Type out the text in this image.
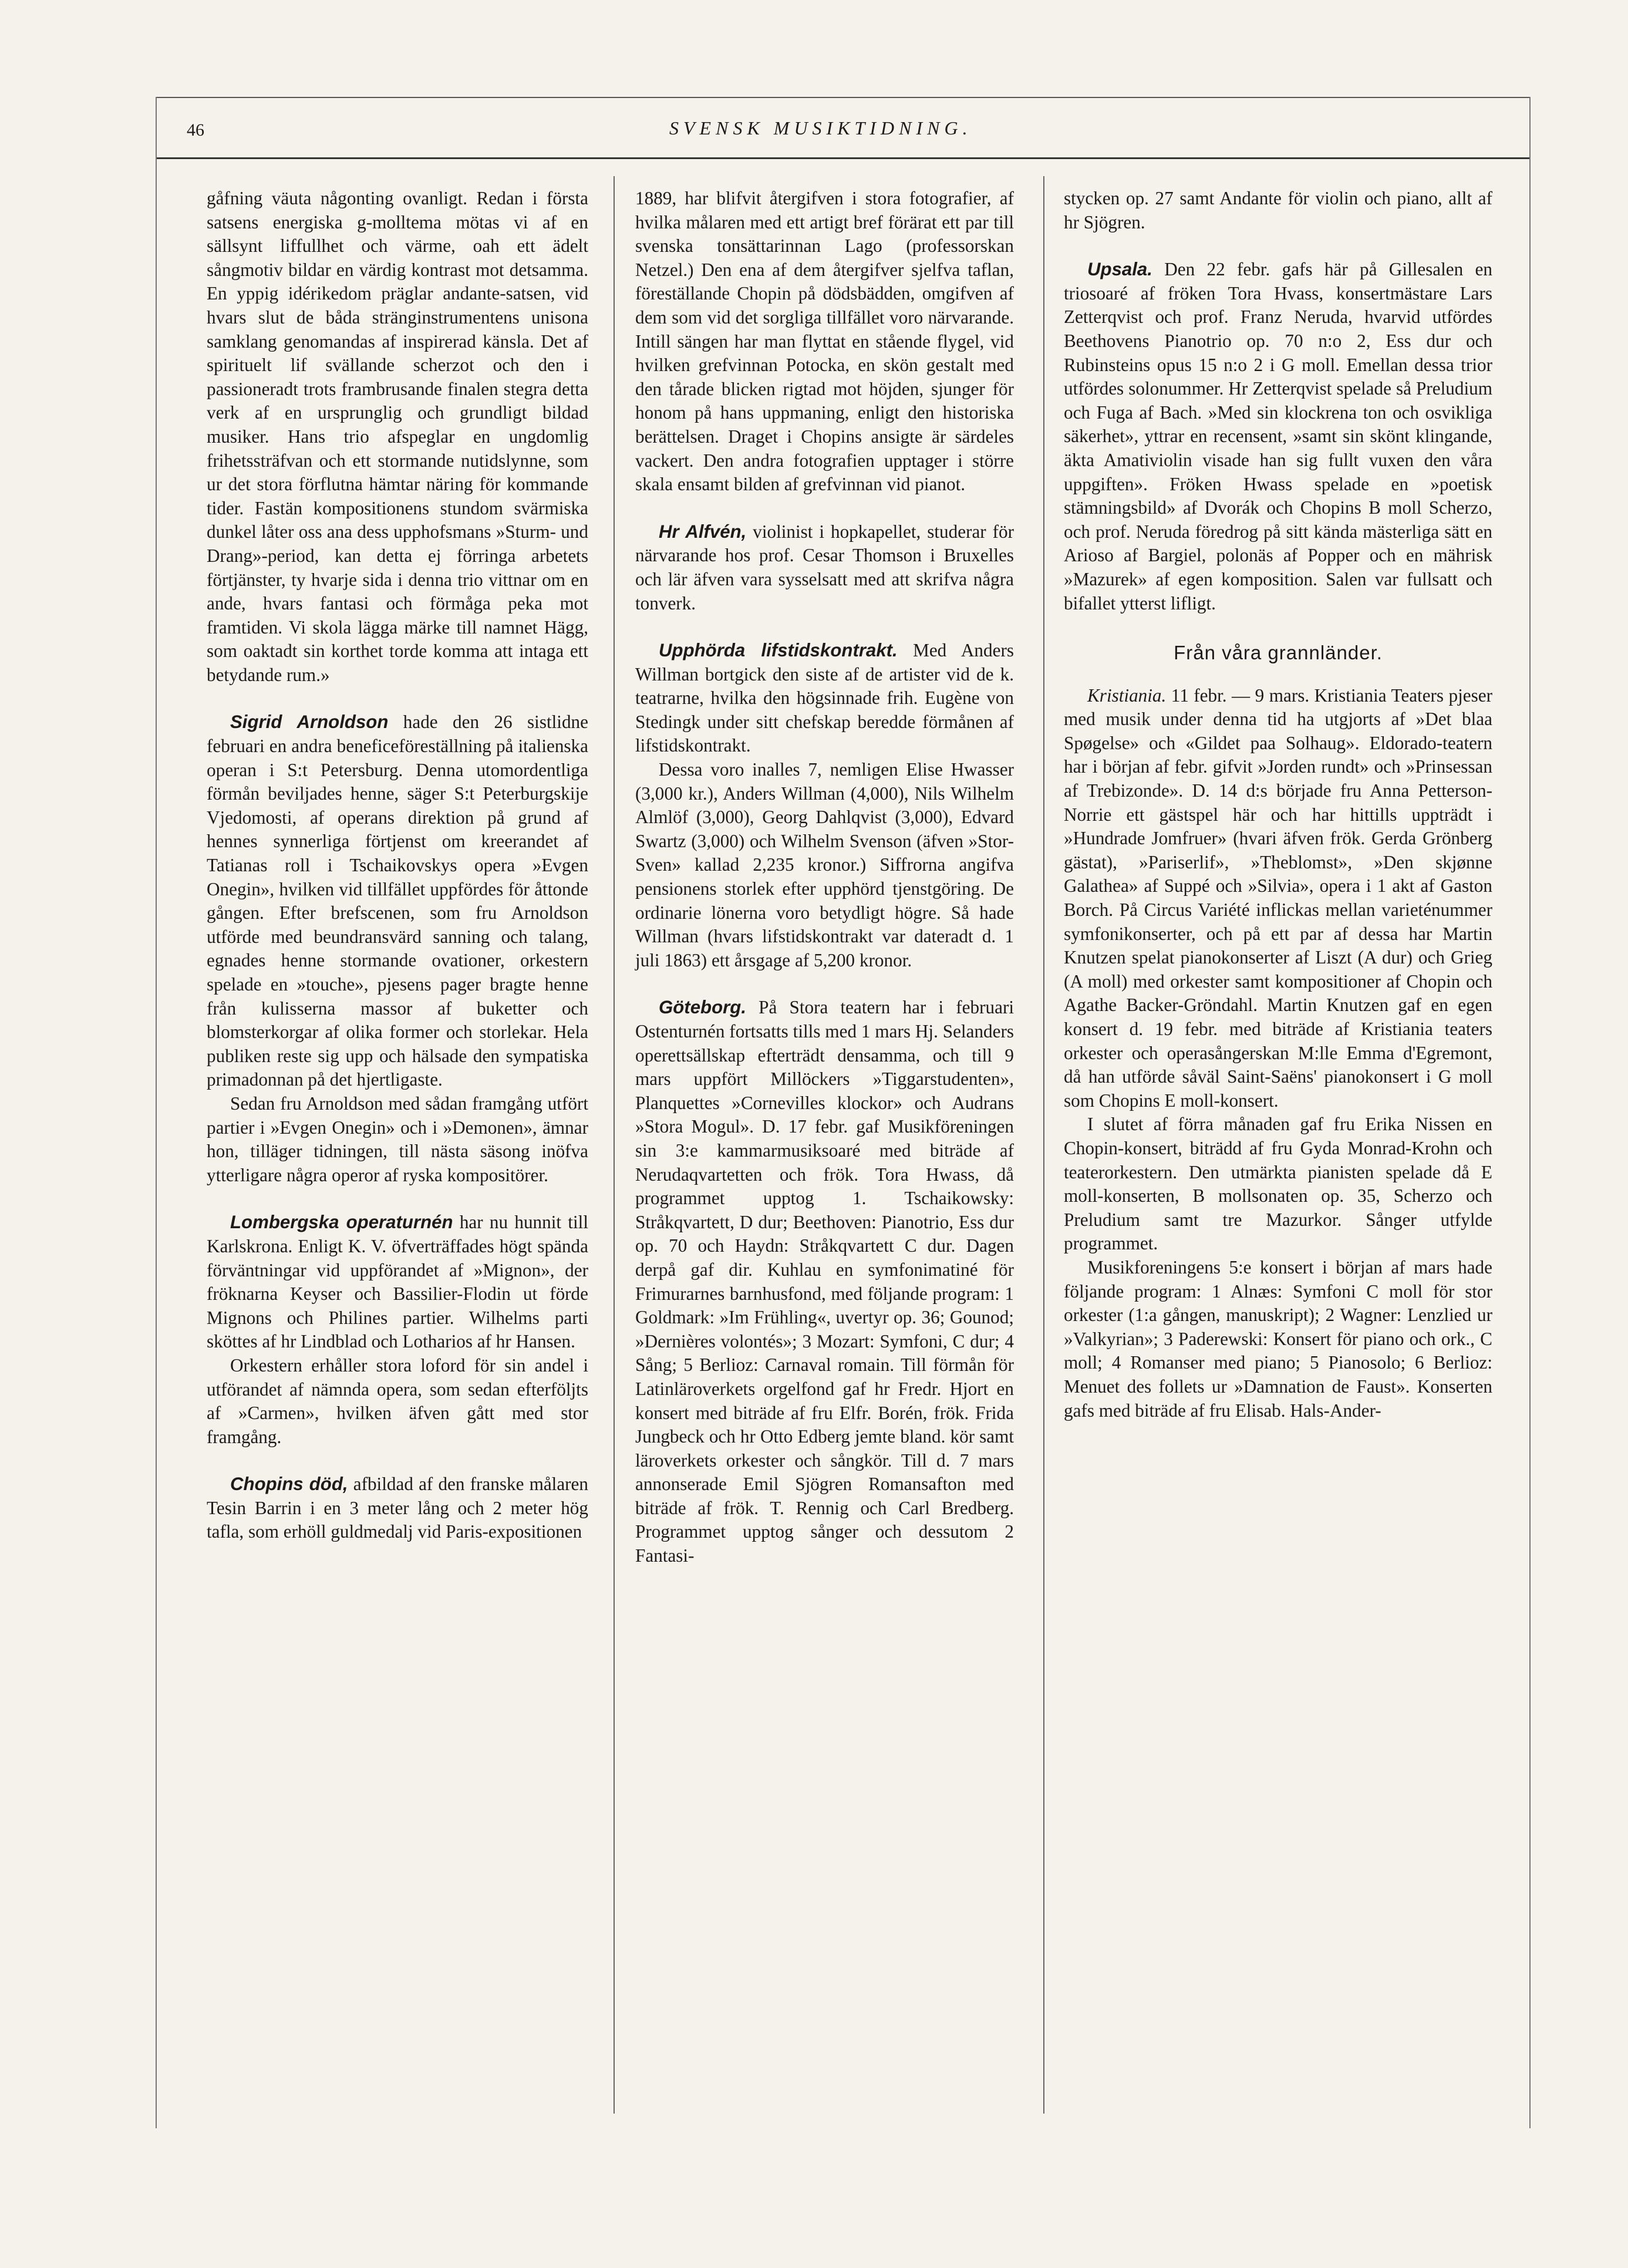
46	SVENSK MUSIKTIDNING.

gåfning väuta någonting ovanligt. Redan i första satsens energiska g-molltema mötas vi af en sällsynt liffullhet och värme, oah ett ädelt sångmotiv bildar en värdig kontrast mot detsamma. En yppig idérikedom präglar andante-satsen, vid hvars slut de båda stränginstrumentens unisona samklang genomandas af inspirerad känsla. Det af spirituelt lif svällande scherzot och den i passioneradt trots frambrusande finalen stegra detta verk af en ursprunglig och grundligt bildad musiker. Hans trio afspeglar en ungdomlig frihetssträfvan och ett stormande nutidslynne, som ur det stora förflutna hämtar näring för kommande tider. Fastän kompositionens stundom svärmiska dunkel låter oss ana dess upphofsmans »Sturm- und Drang»-period, kan detta ej förringa arbetets förtjänster, ty hvarje sida i denna trio vittnar om en ande, hvars fantasi och förmåga peka mot framtiden. Vi skola lägga märke till namnet Hägg, som oaktadt sin korthet torde komma att intaga ett betydande rum.»

Sigrid Arnoldson hade den 26 sistlidne februari en andra beneficeföreställning på italienska operan i S:t Petersburg. Denna utomordentliga förmån beviljades henne, säger S:t Peterburgskije Vjedomosti, af operans direktion på grund af hennes synnerliga förtjenst om kreerandet af Tatianas roll i Tschaikovskys opera »Evgen Onegin», hvilken vid tillfället uppfördes för åttonde gången. Efter brefscenen, som fru Arnoldson utförde med beundransvärd sanning och talang, egnades henne stormande ovationer, orkestern spelade en »touche», pjesens pager bragte henne från kulisserna massor af buketter och blomsterkorgar af olika former och storlekar. Hela publiken reste sig upp och hälsade den sympatiska primadonnan på det hjertligaste.

Sedan fru Arnoldson med sådan framgång utfört partier i »Evgen Onegin» och i »Demonen», ämnar hon, tilläger tidningen, till nästa säsong inöfva ytterligare några operor af ryska kompositörer.

Lombergska operaturnén har nu hunnit till Karlskrona. Enligt K. V. öfverträffades högt spända förväntningar vid uppförandet af »Mignon», der fröknarna Keyser och Bassilier-Flodin ut förde Mignons och Philines partier. Wilhelms parti sköttes af hr Lindblad och Lotharios af hr Hansen.

Orkestern erhåller stora loford för sin andel i utförandet af nämnda opera, som sedan efterföljts af »Carmen», hvilken äfven gått med stor framgång.

Chopins död, afbildad af den franske målaren Tesin Barrin i en 3 meter lång och 2 meter hög tafla, som erhöll guldmedalj vid Paris-expositionen

1889, har blifvit återgifven i stora fotografier, af hvilka målaren med ett artigt bref förärat ett par till svenska tonsättarinnan Lago (professorskan Netzel.) Den ena af dem återgifver sjelfva taflan, föreställande Chopin på dödsbädden, omgifven af dem som vid det sorgliga tillfället voro närvarande. Intill sängen har man flyttat en stående flygel, vid hvilken grefvinnan Potocka, en skön gestalt med den tårade blicken rigtad mot höjden, sjunger för honom på hans uppmaning, enligt den historiska berättelsen. Draget i Chopins ansigte är särdeles vackert. Den andra fotografien upptager i större skala ensamt bilden af grefvinnan vid pianot.

Hr Alfvén, violinist i hopkapellet, studerar för närvarande hos prof. Cesar Thomson i Bruxelles och lär äfven vara sysselsatt med att skrifva några tonverk.

Upphörda lifstidskontrakt. Med Anders Willman bortgick den siste af de artister vid de k. teatrarne, hvilka den högsinnade frih. Eugène von Stedingk under sitt chefskap beredde förmånen af lifstidskontrakt.

Dessa voro inalles 7, nemligen Elise Hwasser (3,000 kr.), Anders Willman (4,000), Nils Wilhelm Almlöf (3,000), Georg Dahlqvist (3,000), Edvard Swartz (3,000) och Wilhelm Svenson (äfven »Stor-Sven» kallad 2,235 kronor.) Siffrorna angifva pensionens storlek efter upphörd tjenstgöring. De ordinarie lönerna voro betydligt högre. Så hade Willman (hvars lifstidskontrakt var dateradt d. 1 juli 1863) ett årsgage af 5,200 kronor.

Göteborg. På Stora teatern har i februari Ostenturnén fortsatts tills med 1 mars Hj. Selanders operettsällskap efterträdt densamma, och till 9 mars uppfört Millöckers »Tiggarstudenten», Planquettes »Cornevilles klockor» och Audrans »Stora Mogul». D. 17 febr. gaf Musikföreningen sin 3:e kammarmusiksoaré med biträde af Nerudaqvartetten och frök. Tora Hwass, då programmet upptog 1. Tschaikowsky: Stråkqvartett, D dur; Beethoven: Pianotrio, Ess dur op. 70 och Haydn: Stråkqvartett C dur. Dagen derpå gaf dir. Kuhlau en symfonimatiné för Frimurarnes barnhusfond, med följande program: 1 Goldmark: »Im Frühling«, uvertyr op. 36; Gounod; »Dernières volontés»; 3 Mozart: Symfoni, C dur; 4 Sång; 5 Berlioz: Carnaval romain. Till förmån för Latinläroverkets orgelfond gaf hr Fredr. Hjort en konsert med biträde af fru Elfr. Borén, frök. Frida Jungbeck och hr Otto Edberg jemte bland. kör samt läroverkets orkester och sångkör. Till d. 7 mars annonserade Emil Sjögren Romansafton med biträde af frök. T. Rennig och Carl Bredberg. Programmet upptog sånger och dessutom 2 Fantasi-

stycken op. 27 samt Andante för violin och piano, allt af hr Sjögren.

Upsala. Den 22 febr. gafs här på Gillesalen en triosoaré af fröken Tora Hvass, konsertmästare Lars Zetterqvist och prof. Franz Neruda, hvarvid utfördes Beethovens Pianotrio op. 70 n:o 2, Ess dur och Rubinsteins opus 15 n:o 2 i G moll. Emellan dessa trior utfördes solonummer. Hr Zetterqvist spelade så Preludium och Fuga af Bach. »Med sin klockrena ton och osvikliga säkerhet», yttrar en recensent, »samt sin skönt klingande, äkta Amativiolin visade han sig fullt vuxen den våra uppgiften». Fröken Hwass spelade en »poetisk stämningsbild» af Dvorák och Chopins B moll Scherzo, och prof. Neruda föredrog på sitt kända mästerliga sätt en Arioso af Bargiel, polonäs af Popper och en mährisk »Mazurek» af egen komposition. Salen var fullsatt och bifallet ytterst lifligt.

Från våra grannländer.

Kristiania. 11 febr. — 9 mars. Kristiania Teaters pjeser med musik under denna tid ha utgjorts af »Det blaa Spøgelse» och «Gildet paa Solhaug». Eldorado-teatern har i början af febr. gifvit »Jorden rundt» och »Prinsessan af Trebizonde». D. 14 d:s började fru Anna Petterson-Norrie ett gästspel här och har hittills uppträdt i »Hundrade Jomfruer» (hvari äfven frök. Gerda Grönberg gästat), »Pariserlif», »Theblomst», »Den skjønne Galathea» af Suppé och »Silvia», opera i 1 akt af Gaston Borch. På Circus Variété inflickas mellan varieténummer symfonikonserter, och på ett par af dessa har Martin Knutzen spelat pianokonserter af Liszt (A dur) och Grieg (A moll) med orkester samt kompositioner af Chopin och Agathe Backer-Gröndahl. Martin Knutzen gaf en egen konsert d. 19 febr. med biträde af Kristiania teaters orkester och operasångerskan M:lle Emma d'Egremont, då han utförde såväl Saint-Saëns' pianokonsert i G moll som Chopins E moll-konsert.

I slutet af förra månaden gaf fru Erika Nissen en Chopin-konsert, biträdd af fru Gyda Monrad-Krohn och teaterorkestern. Den utmärkta pianisten spelade då E moll-konserten, B mollsonaten op. 35, Scherzo och Preludium samt tre Mazurkor. Sånger utfylde programmet.

Musikforeningens 5:e konsert i början af mars hade följande program: 1 Alnæs: Symfoni C moll för stor orkester (1:a gången, manuskript); 2 Wagner: Lenzlied ur »Valkyrian»; 3 Paderewski: Konsert för piano och ork., C moll; 4 Romanser med piano; 5 Pianosolo; 6 Berlioz: Menuet des follets ur »Damnation de Faust». Konserten gafs med biträde af fru Elisab. Hals-Ander-
